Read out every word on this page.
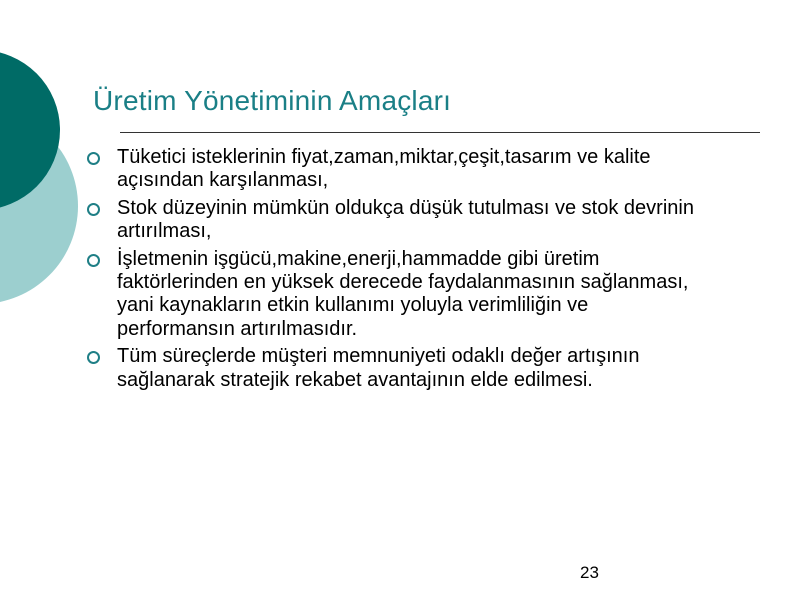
Üretim Yönetiminin Amaçları
Tüketici isteklerinin fiyat,zaman,miktar,çeşit,tasarım ve kalite
açısından karşılanması,
Stok düzeyinin mümkün oldukça düşük tutulması ve stok devrinin
artırılması,
İşletmenin işgücü,makine,enerji,hammadde gibi üretim
faktörlerinden en yüksek derecede faydalanmasının sağlanması,
yani kaynakların etkin kullanımı yoluyla verimliliğin ve
performansın artırılmasıdır.
Tüm süreçlerde müşteri memnuniyeti odaklı değer artışının
sağlanarak stratejik rekabet avantajının elde edilmesi.
23
